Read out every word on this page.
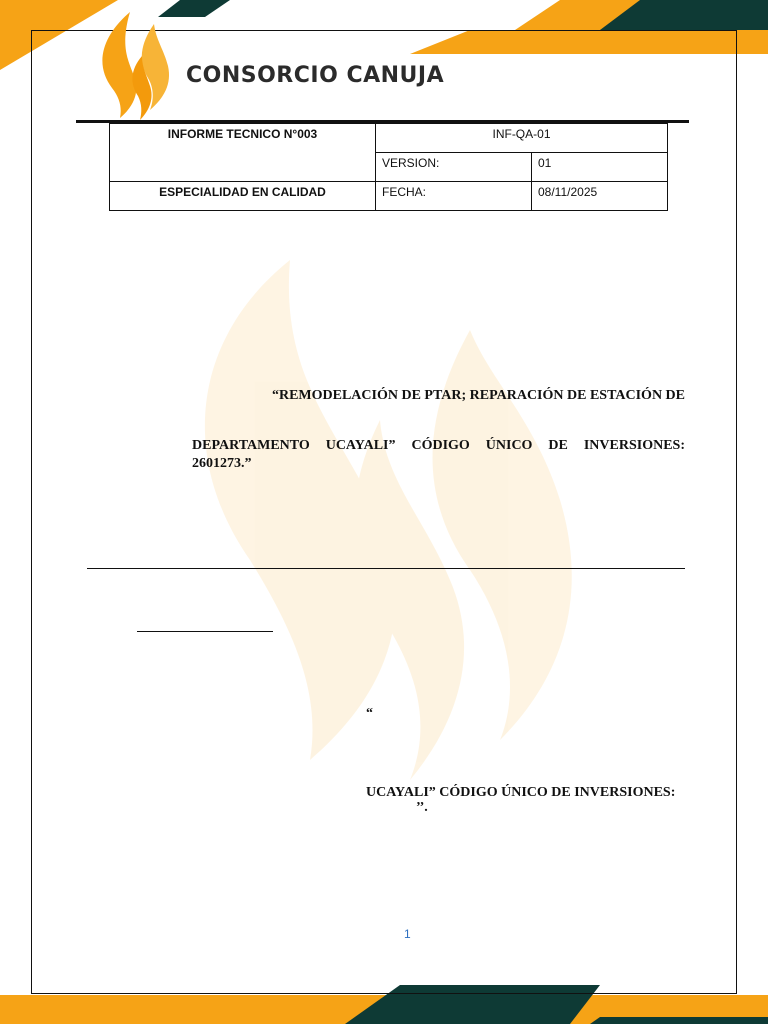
CONSORCIO CANUJA
INFORME TECNICO N°003	INF-QA-01	
	VERSION:	01
ESPECIALIDAD EN CALIDAD	FECHA:	08/11/2025
“REMODELACIÓN DE PTAR; REPARACIÓN DE ESTACIÓN DE
DEPARTAMENTO UCAYALI” CÓDIGO ÚNICO DE INVERSIONES:
2601273.”
“
UCAYALI” CÓDIGO ÚNICO DE INVERSIONES:
’’.
1
